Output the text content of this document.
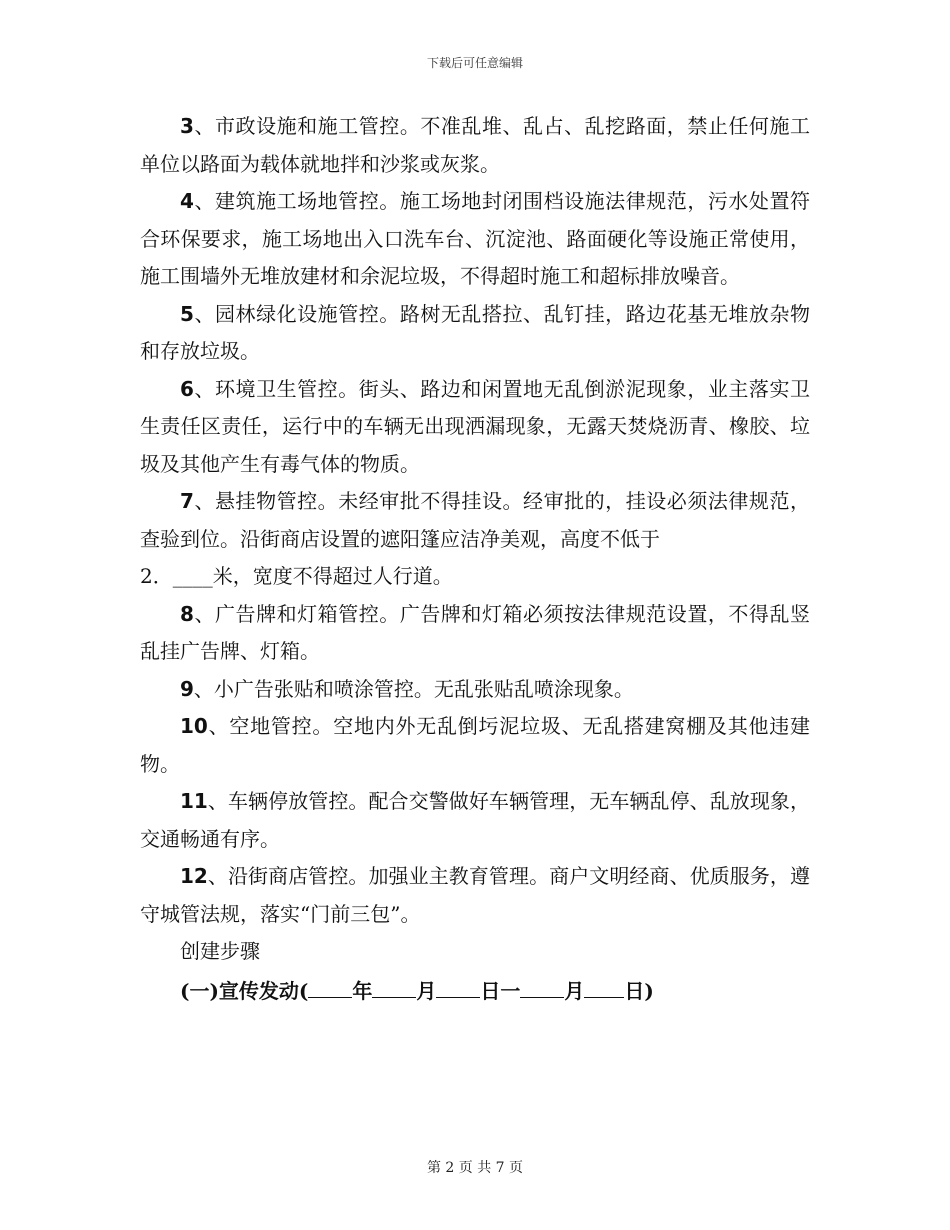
下载后可任意编辑

3、市政设施和施工管控。不准乱堆、乱占、乱挖路面，禁止任何施工单位以路面为载体就地拌和沙浆或灰浆。

4、建筑施工场地管控。施工场地封闭围档设施法律规范，污水处置符合环保要求，施工场地出入口洗车台、沉淀池、路面硬化等设施正常使用，施工围墙外无堆放建材和余泥垃圾，不得超时施工和超标排放噪音。

5、园林绿化设施管控。路树无乱搭拉、乱钉挂，路边花基无堆放杂物和存放垃圾。

6、环境卫生管控。街头、路边和闲置地无乱倒淤泥现象，业主落实卫生责任区责任，运行中的车辆无出现洒漏现象，无露天焚烧沥青、橡胶、垃圾及其他产生有毒气体的物质。

7、悬挂物管控。未经审批不得挂设。经审批的，挂设必须法律规范，查验到位。沿街商店设置的遮阳篷应洁净美观，高度不低于
2．____米，宽度不得超过人行道。

8、广告牌和灯箱管控。广告牌和灯箱必须按法律规范设置，不得乱竖乱挂广告牌、灯箱。

9、小广告张贴和喷涂管控。无乱张贴乱喷涂现象。

10、空地管控。空地内外无乱倒圬泥垃圾、无乱搭建窝棚及其他违建物。

11、车辆停放管控。配合交警做好车辆管理，无车辆乱停、乱放现象，交通畅通有序。

12、沿街商店管控。加强业主教育管理。商户文明经商、优质服务，遵守城管法规，落实“门前三包”。

创建步骤

(一)宣传发动( 年 月 日一 月 日)

第 2 页 共 7 页
